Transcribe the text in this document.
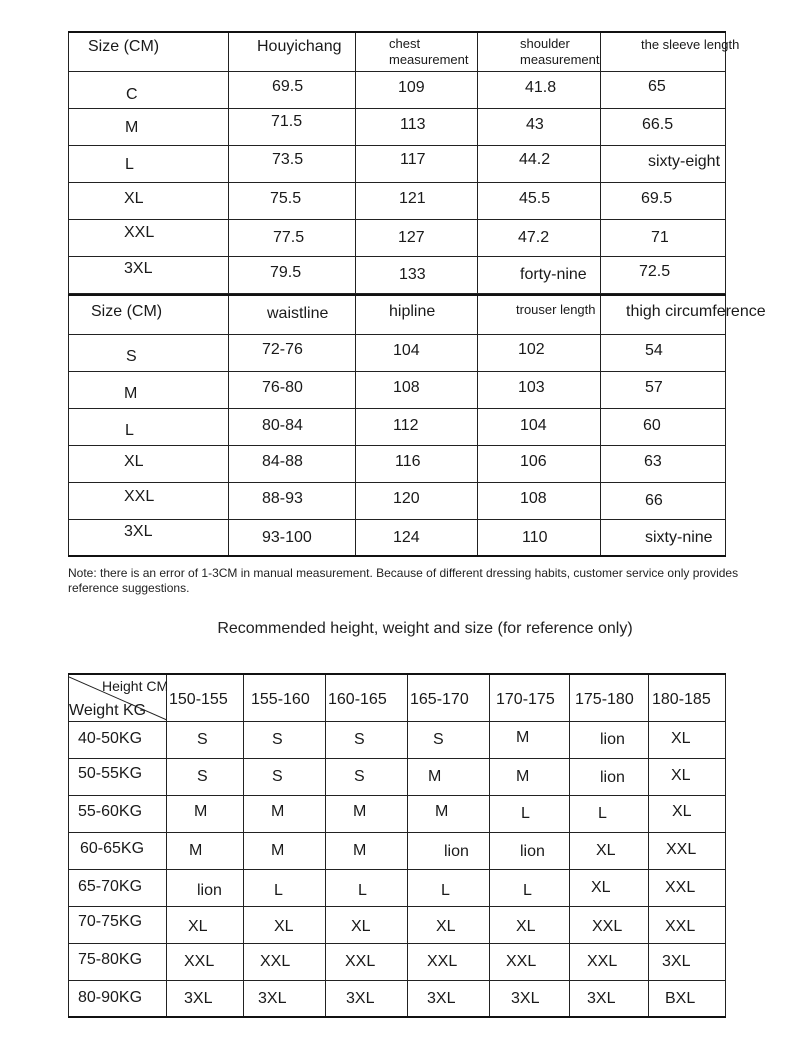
Size (CM)	Houyichang	chest measurement	shoulder measurement	the sleeve length

C	69.5	109	41.8	65

M	71.5	113	43	66.5

L	73.5	117	44.2	sixty-eight

XL	75.5	121	45.5	69.5

XXL	77.5	127	47.2	71

3XL	79.5	133	forty-nine	72.5
Size (CM)	waistline	hipline	trouser length	thigh circumference

S	72-76	104	102	54

M	76-80	108	103	57

L	80-84	112	104	60

XL	84-88	116	106	63

XXL	88-93	120	108	66

3XL	93-100	124	110	sixty-nine
Note: there is an error of 1-3CM in manual measurement. Because of different dressing habits, customer service only provides reference suggestions.
Recommended height, weight and size (for reference only)
Height CM
Weight KG	150-155	155-160	160-165	165-170	170-175	175-180	180-185

40-50KG	S	S	S	S	M	lion	XL

50-55KG	S	S	S	M	M	lion	XL

55-60KG	M	M	M	M	L	L	XL

60-65KG	M	M	M	lion	lion	XL	XXL

65-70KG	lion	L	L	L	L	XL	XXL

70-75KG	XL	XL	XL	XL	XL	XXL	XXL

75-80KG	XXL	XXL	XXL	XXL	XXL	XXL	3XL

80-90KG	3XL	3XL	3XL	3XL	3XL	3XL	BXL
